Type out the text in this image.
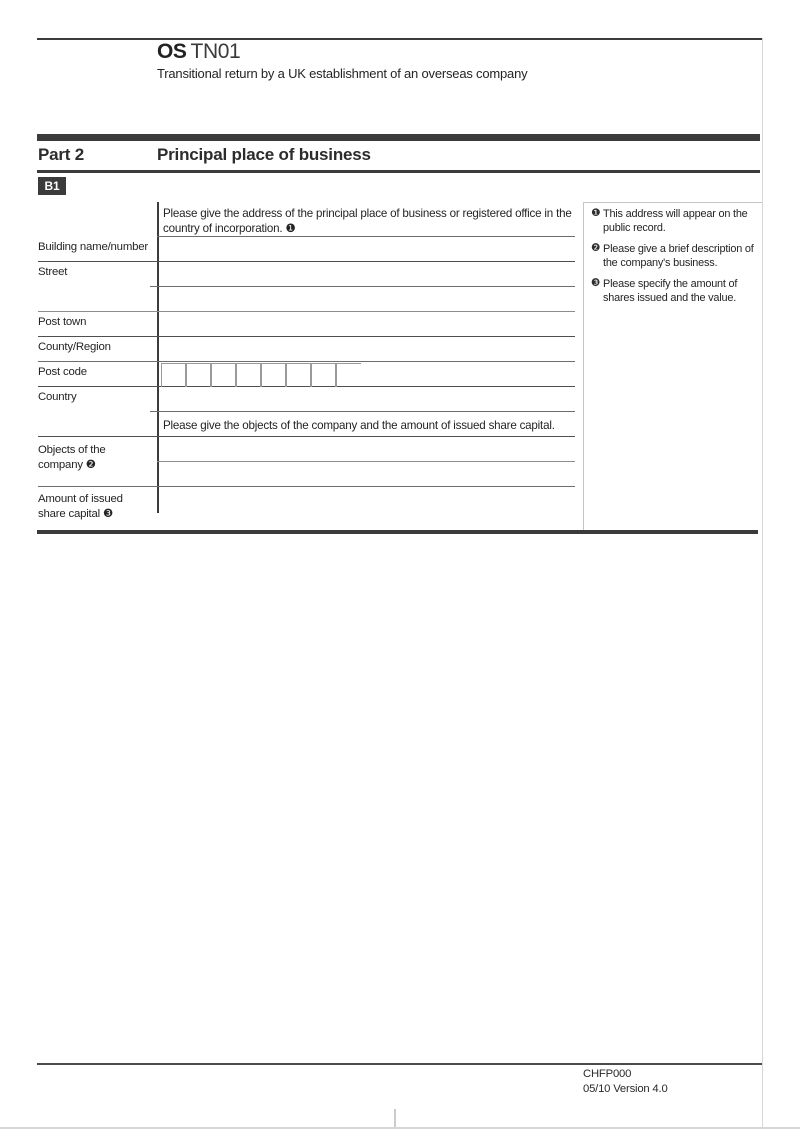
OS TN01
Transitional return by a UK establishment of an overseas company
Part 2	Principal place of business
B1
Please give the address of the principal place of business or registered office in the country of incorporation. ❶
Please give the objects of the company and the amount of issued share capital.
Building name/number
Street
Post town
County/Region
Post code
Country
Objects of the company ❷
Amount of issued share capital ❸
❶ This address will appear on the public record.
❷ Please give a brief description of the company's business.
❸ Please specify the amount of shares issued and the value.
CHFP000
05/10 Version 4.0
